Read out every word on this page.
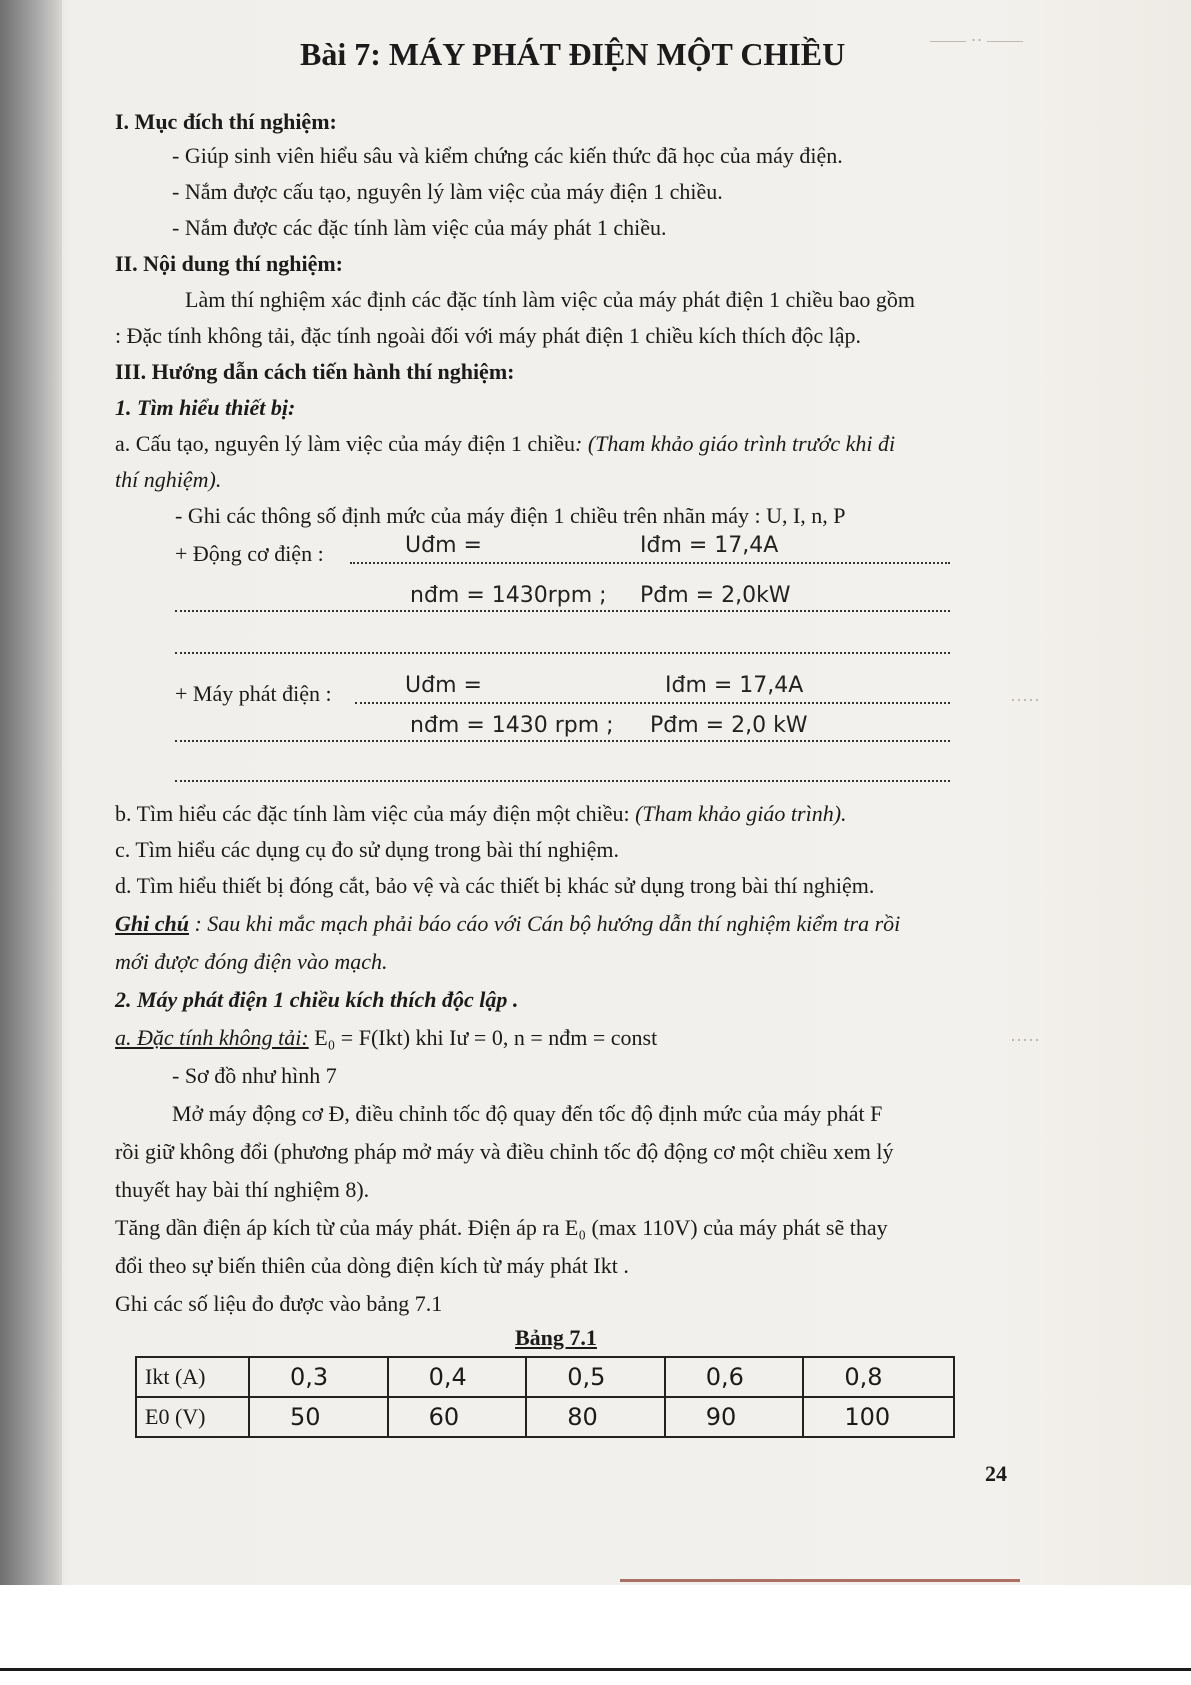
—— ·· ——
·····
·····
Bài 7: MÁY PHÁT ĐIỆN MỘT CHIỀU
I. Mục đích thí nghiệm:
- Giúp sinh viên hiểu sâu và kiểm chứng các kiến thức đã học của máy điện.
- Nắm được cấu tạo, nguyên lý làm việc của máy điện 1 chiều.
- Nắm được các đặc tính làm việc của máy phát 1 chiều.
II. Nội dung thí nghiệm:
Làm thí nghiệm xác định các đặc tính làm việc của máy phát điện 1 chiều bao gồm
: Đặc tính không tải, đặc tính ngoài đối với máy phát điện 1 chiều kích thích độc lập.
III. Hướng dẫn cách tiến hành thí nghiệm:
1. Tìm hiểu thiết bị:
a. Cấu tạo, nguyên lý làm việc của máy điện 1 chiều: (Tham khảo giáo trình trước khi đi
thí nghiệm).
- Ghi các thông số định mức của máy điện 1 chiều trên nhãn máy : U, I, n, P
+ Động cơ điện :	Uđm =	Iđm = 17,4A
nđm = 1430rpm ; Pđm = 2,0kW
+ Máy phát điện :	Uđm =	Iđm = 17,4A
nđm = 1430 rpm ; Pđm = 2,0 kW
b. Tìm hiểu các đặc tính làm việc của máy điện một chiều: (Tham khảo giáo trình).
c. Tìm hiểu các dụng cụ đo sử dụng trong bài thí nghiệm.
d. Tìm hiểu thiết bị đóng cắt, bảo vệ và các thiết bị khác sử dụng trong bài thí nghiệm.
Ghi chú : Sau khi mắc mạch phải báo cáo với Cán bộ hướng dẫn thí nghiệm kiểm tra rồi
mới được đóng điện vào mạch.
2. Máy phát điện 1 chiều kích thích độc lập .
a. Đặc tính không tải: E₀ = F(Ikt) khi Iư = 0, n = nđm = const
- Sơ đồ như hình 7
Mở máy động cơ Đ, điều chỉnh tốc độ quay đến tốc độ định mức của máy phát F
rồi giữ không đổi (phương pháp mở máy và điều chỉnh tốc độ động cơ một chiều xem lý
thuyết hay bài thí nghiệm 8).
Tăng dần điện áp kích từ của máy phát. Điện áp ra E₀ (max 110V) của máy phát sẽ thay
đổi theo sự biến thiên của dòng điện kích từ máy phát Ikt .
Ghi các số liệu đo được vào bảng 7.1
Bảng 7.1
Ikt (A)	0,3	0,4	0,5	0,6	0,8
E0 (V)	50	60	80	90	100
24
